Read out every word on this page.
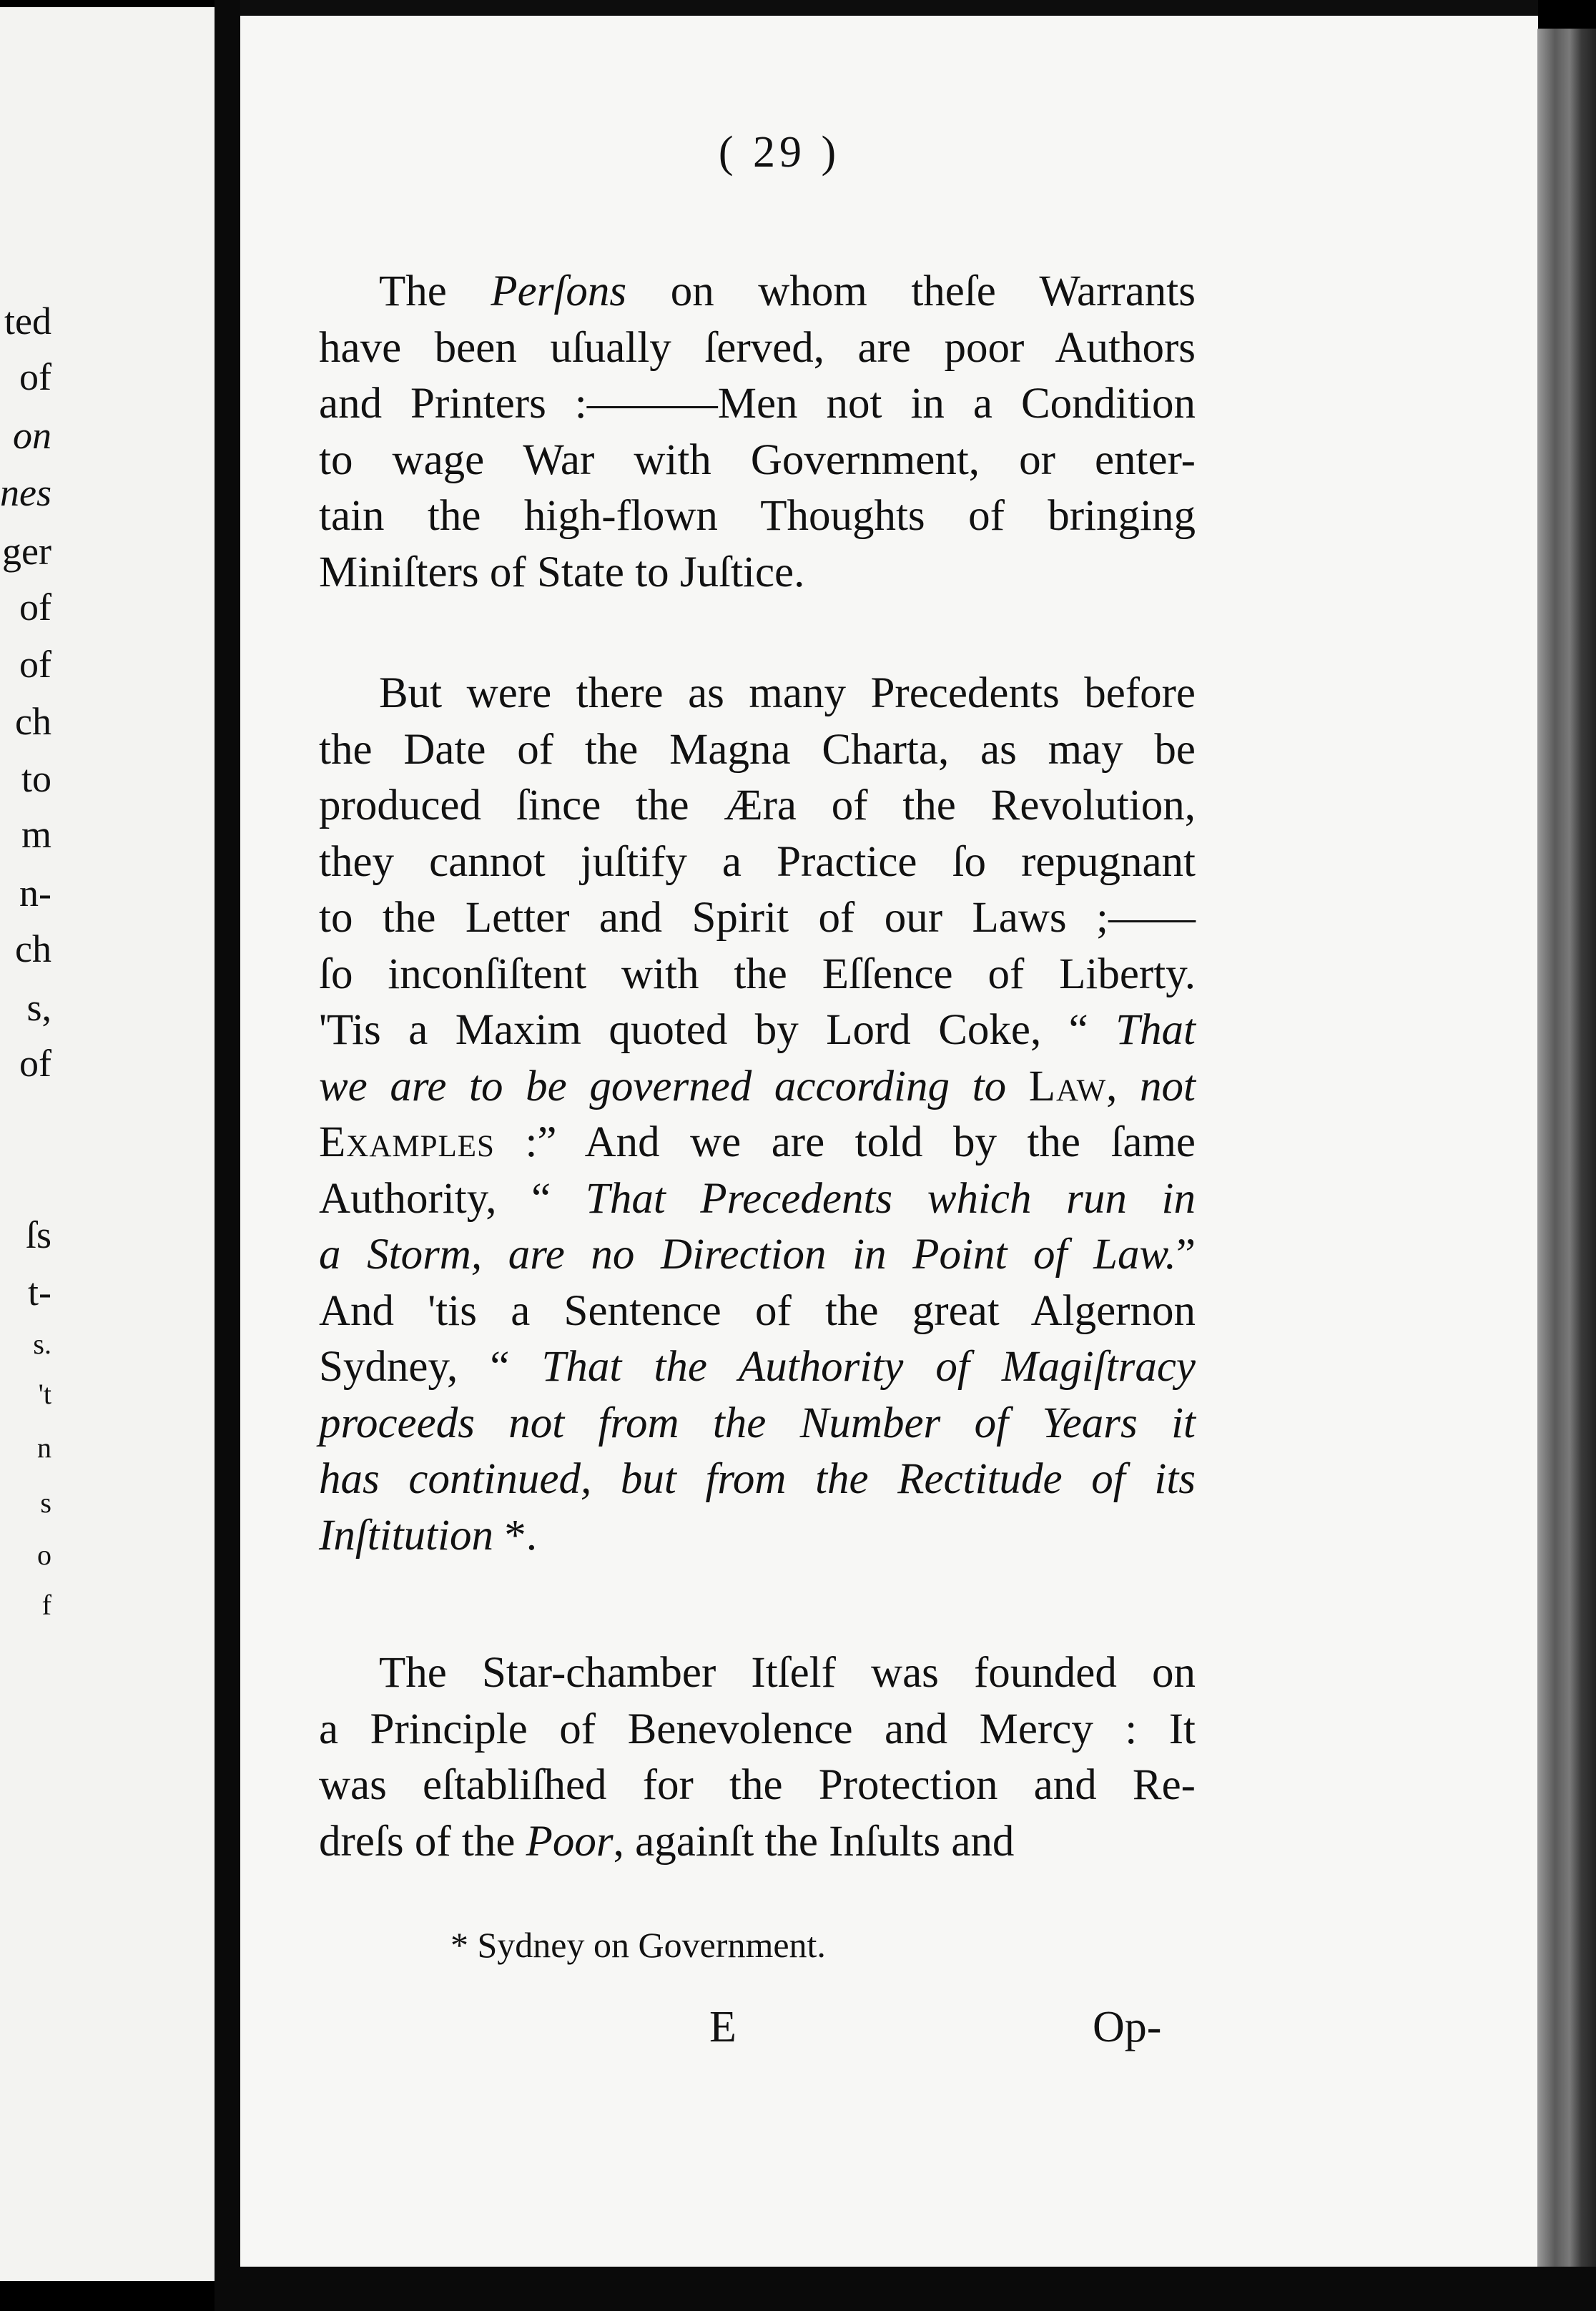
ted
of
on
nes
ger
of
of
ch
to
m
n-
ch
s,
of
ſs
t-
s.
't
n
s
o
f
( 29 )
The Perſons on whom theſe Warrants
have been uſually ſerved, are poor Authors
and Printers :———Men not in a Condition
to wage War with Government, or enter-
tain the high-flown Thoughts of bringing
Miniſters of State to Juſtice.
But were there as many Precedents before
the Date of the Magna Charta, as may be
produced ſince the Æra of the Revolution,
they cannot juſtify a Practice ſo repugnant
to the Letter and Spirit of our Laws ;——
ſo inconſiſtent with the Eſſence of Liberty.
'Tis a Maxim quoted by Lord Coke, “ That
we are to be governed according to Law, not
Examples :” And we are told by the ſame
Authority, “ That Precedents which run in
a Storm, are no Direction in Point of Law.”
And 'tis a Sentence of the great Algernon
Sydney, “ That the Authority of Magiſtracy
proceeds not from the Number of Years it
has continued, but from the Rectitude of its
Inſtitution *.
The Star-chamber Itſelf was founded on
a Principle of Benevolence and Mercy : It
was eſtabliſhed for the Protection and Re-
dreſs of the Poor, againſt the Inſults and
* Sydney on Government.
E	Op-
